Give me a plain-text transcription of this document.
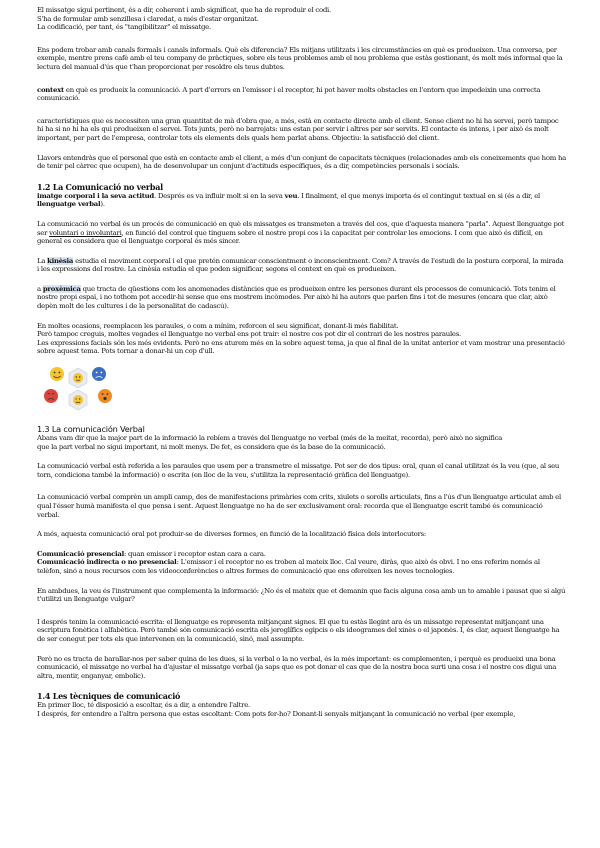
El missatge sigui pertinent, és a dir, coherent i amb significat, que ha de reproduir el codi.

S'ha de formular amb senzillesa i claredat, a més d'estar organitzat.

La codificació, per tant, és "tangibilitzar" el missatge.

Ens podem trobar amb canals formals i canals informals. Què els diferencia? Els mitjans utilitzats i les circumstàncies en què es produeixen. Una conversa, per exemple, mentre prens cafè amb el teu company de pràctiques, sobre els teus problemes amb el nou problema que estàs gestionant, és molt més informal que la lectura del manual d'ús que t'han proporcionat per resoldre els teus dubtes.

context en què es produeix la comunicació. A part d'errors en l'emissor i el receptor, hi pot haver molts obstacles en l'entorn que impedeixin una correcta comunicació.

característiques que es necessiten una gran quantitat de mà d'obra que, a més, està en contacte directe amb el client. Sense client no hi ha servei, però tampoc hi ha si no hi ha els qui produeixen el servei. Tots junts, però no barrejats: uns estan per servir i altres per ser servits. El contacte és intens, i per això és molt important, per part de l'empresa, controlar tots els elements dels quals hem parlat abans. Objectiu: la satisfacció del client.

Llavors entendràs que el personal que està en contacte amb el client, a més d'un conjunt de capacitats tècniques (relacionades amb els coneixements que hom ha de tenir pel càrrec que ocupen), ha de desenvolupar un conjunt d'actituds específiques, és a dir, competències personals i socials.

1.2 La Comunicació no verbal

imatge corporal i la seva actitud. Després es va influir molt si en la seva veu. I finalment, el que menys importa és el contingut textual en si (és a dir, el llenguatge verbal).

La comunicació no verbal és un procés de comunicació en què els missatges es transmeten a través del cos, que d'aquesta manera "parla". Aquest llenguatge pot ser voluntari o involuntari, en funció del control que tinguem sobre el nostre propi cos i la capacitat per controlar les emocions. I com que això és difícil, en general es considera que el llenguatge corporal és més sincer.

La kinèsia estudia el moviment corporal i el que pretén comunicar conscientment o inconscientment. Com? A través de l'estudi de la postura corporal, la mirada i les expressions del rostre. La cinèsia estudia el que poden significar, segons el context en què es produeixen.

a proxèmica que tracta de qüestions com les anomenades distàncies que es produeixen entre les persones durant els processos de comunicació. Tots tenim el nostre propi espai, i no tothom pot accedir-hi sense que ens mostrem incòmodes. Per això hi ha autors que parlen fins i tot de mesures (encara que clar, això depèn molt de les cultures i de la personalitat de cadascú).

En moltes ocasions, reemplacen les paraules, o com a mínim, reforcen el seu significat, donant-li més fiabilitat.

Però tampoc creguis, moltes vegades el llenguatge no verbal ens pot trair: el nostre cos pot dir el contrari de les nostres paraules.

Les expressions facials són les més evidents. Però no ens aturem més en la sobre aquest tema, ja que al final de la unitat anterior et vam mostrar una presentació sobre aquest tema. Pots tornar a donar-hi un cop d'ull.

1.3 La comunicación Verbal

Abans vam dir que la major part de la informació la rebíem a través del llenguatge no verbal (més de la meitat, recorda), però això no significa

que la part verbal no sigui important, ni molt menys. De fet, es considera que és la base de la comunicació.

La comunicació verbal està referida a les paraules que usem per a transmetre el missatge. Pot ser de dos tipus: oral, quan el canal utilitzat és la veu (que, al seu torn, condiciona també la informació) o escrita (en lloc de la veu, s'utilitza la representació gràfica del llenguatge).

La comunicació verbal comprèn un ampli camp, des de manifestacions primàries com crits, xiulets o sorolls articulats, fins a l'ús d'un llenguatge articulat amb el qual l'ésser humà manifesta el que pensa i sent. Aquest llenguatge no ha de ser exclusivament oral: recorda que el llenguatge escrit també és comunicació verbal.

A més, aquesta comunicació oral pot produir-se de diverses formes, en funció de la localització física dels interlocutors:

Comunicació presencial: quan emissor i receptor estan cara a cara.

Comunicació indirecta o no presencial: L'emissor i el receptor no es troben al mateix lloc. Cal veure, diràs, que això és obvi. I no ens referim només al telèfon, sinó a nous recursos com les videoconferències o altres formes de comunicació que ens ofereixen les noves tecnologies.

En ambdues, la veu és l'instrument que complementa la informació: ¿No és el mateix que et demanin que facis alguna cosa amb un to amable i pausat que si algú t'utilitzi un llenguatge vulgar?

I després tenim la comunicació escrita: el llenguatge es representa mitjançant signes. El que tu estàs llegint ara és un missatge representat mitjançant una escriptura fonètica i alfabètica. Però també són comunicació escrita els jeroglífics egipcis o els ideogrames del xinès o el japonès. I, és clar, aquest llenguatge ha de ser conegut per tots els que intervenen en la comunicació, sinó, mal assumpte.

Però no es tracta de barallar-nos per saber quina de les dues, si la verbal o la no verbal, és la més important: es complementen, i perquè es produeixi una bona comunicació, el missatge no verbal ha d'ajustar el missatge verbal (ja saps que es pot donar el cas que de la nostra boca surti una cosa i el nostre cos digui una altra, mentir, enganyar, embolic).

1.4 Les tècniques de comunicació

En primer lloc, té disposició a escoltar, és a dir, a entendre l'altre.

I després, fer entendre a l'altra persona que estas escoltant: Com pots fer-ho? Donant-li senyals mitjançant la comunicació no verbal (per exemple,
